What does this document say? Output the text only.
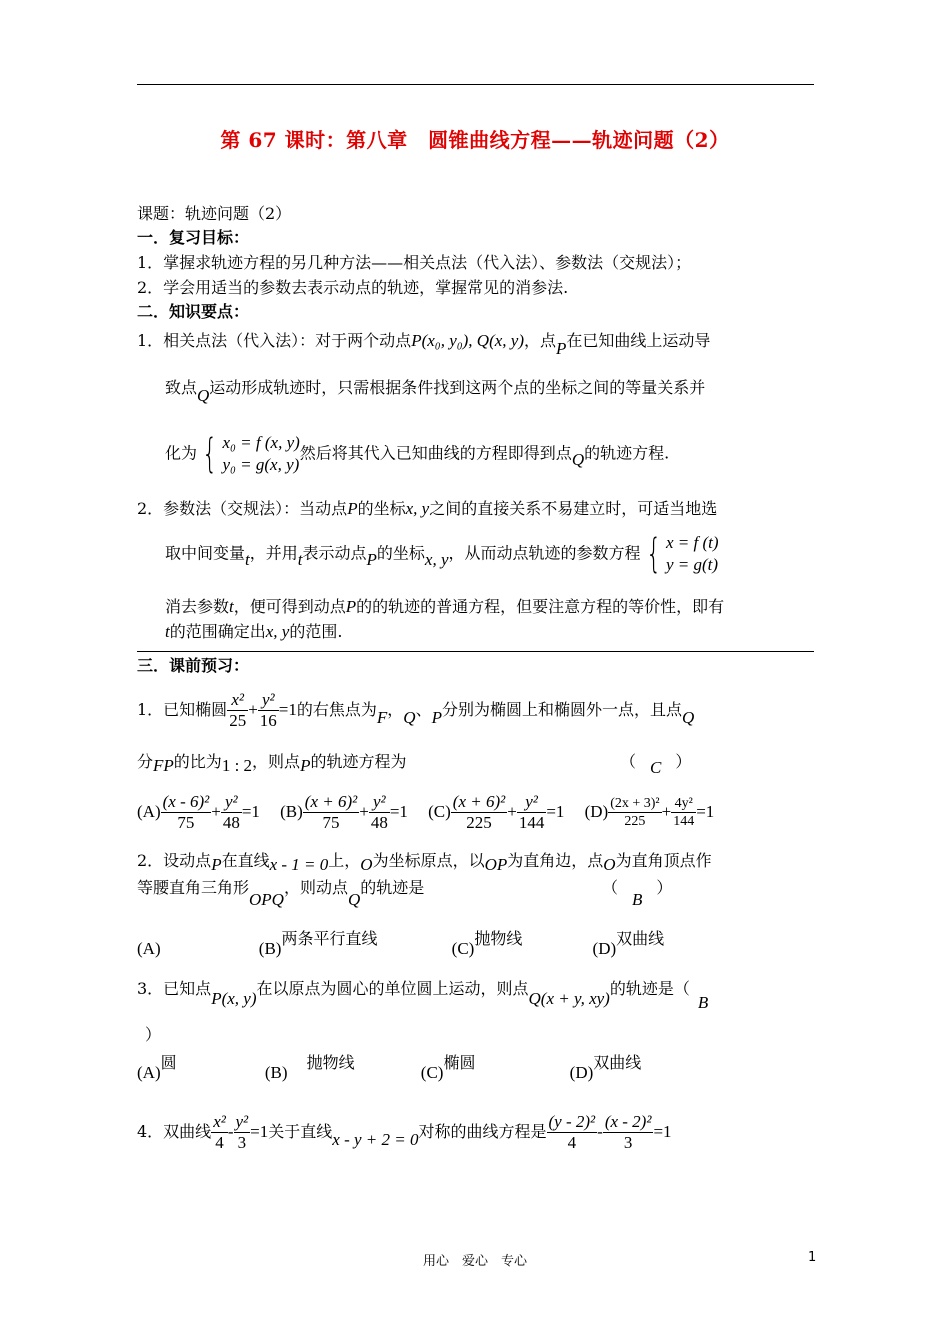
第 67 课时：第八章　圆锥曲线方程——轨迹问题（2）
课题：轨迹问题（2）
一．复习目标：
1．掌握求轨迹方程的另几种方法——相关点法（代入法）、参数法（交规法）；
2．学会用适当的参数去表示动点的轨迹，掌握常见的消参法.
二．知识要点：
1．相关点法（代入法）：对于两个动点P(x₀, y₀), Q(x, y)，点P在已知曲线上运动导
致点Q运动形成轨迹时，只需根据条件找到这两个点的坐标之间的等量关系并
化为 { x₀ = f (x, y)
y₀ = g(x, y)
然后将其代入已知曲线的方程即得到点Q的轨迹方程.
2．参数法（交规法）：当动点P的坐标x, y之间的直接关系不易建立时，可适当地选
取中间变量t，并用t表示动点P的坐标x, y，从而动点轨迹的参数方程 { x = f (t)
y = g(t)
消去参数t，便可得到动点P的的轨迹的普通方程，但要注意方程的等价性，即有
t的范围确定出x, y的范围.
三．课前预习：
1．已知椭圆 $\frac{\text{x²}}{25} + \frac{\text{y²}}{16} =1$的右焦点为F，Q、P分别为椭圆上和椭圆外一点，且点Q
分FP的比为1 : 2，则点P的轨迹方程为	（ C ）
$(A) \frac{\text{(x - 6)²}}{75} + \frac{\text{y²}}{48} =1$ $(B) \frac{\text{(x + 6)²}}{75} + \frac{\text{y²}}{48} =1$ $(C) \frac{\text{(x + 6)²}}{225} + \frac{\text{y²}}{144} =1$ $(D) \frac{\text{(2x + 3)²}}{225} + \frac{\text{4y²}}{144} =1$
2．设动点P在直线x - 1 = 0上，O为坐标原点，以OP为直角边，点O为直角顶点作
等腰直角三角形OPQ，则动点Q的轨迹是	（B）
(A)	(B)两条平行直线  (C)抛物线  (D)双曲线
3．已知点P(x, y)在以原点为圆心的单位圆上运动，则点Q(x + y, xy)的轨迹是（B
）
(A)圆  (B) 抛物线  (C)椭圆  (D)双曲线
4．双曲线 $\frac{\text{x²}}{4} - \frac{\text{y²}}{3} =1$关于直线x - y + 2 = 0对称的曲线方程是 $\frac{\text{(y - 2)²}}{4} - \frac{\text{(x - 2)²}}{3} =1$
用心　爱心　专心	1
